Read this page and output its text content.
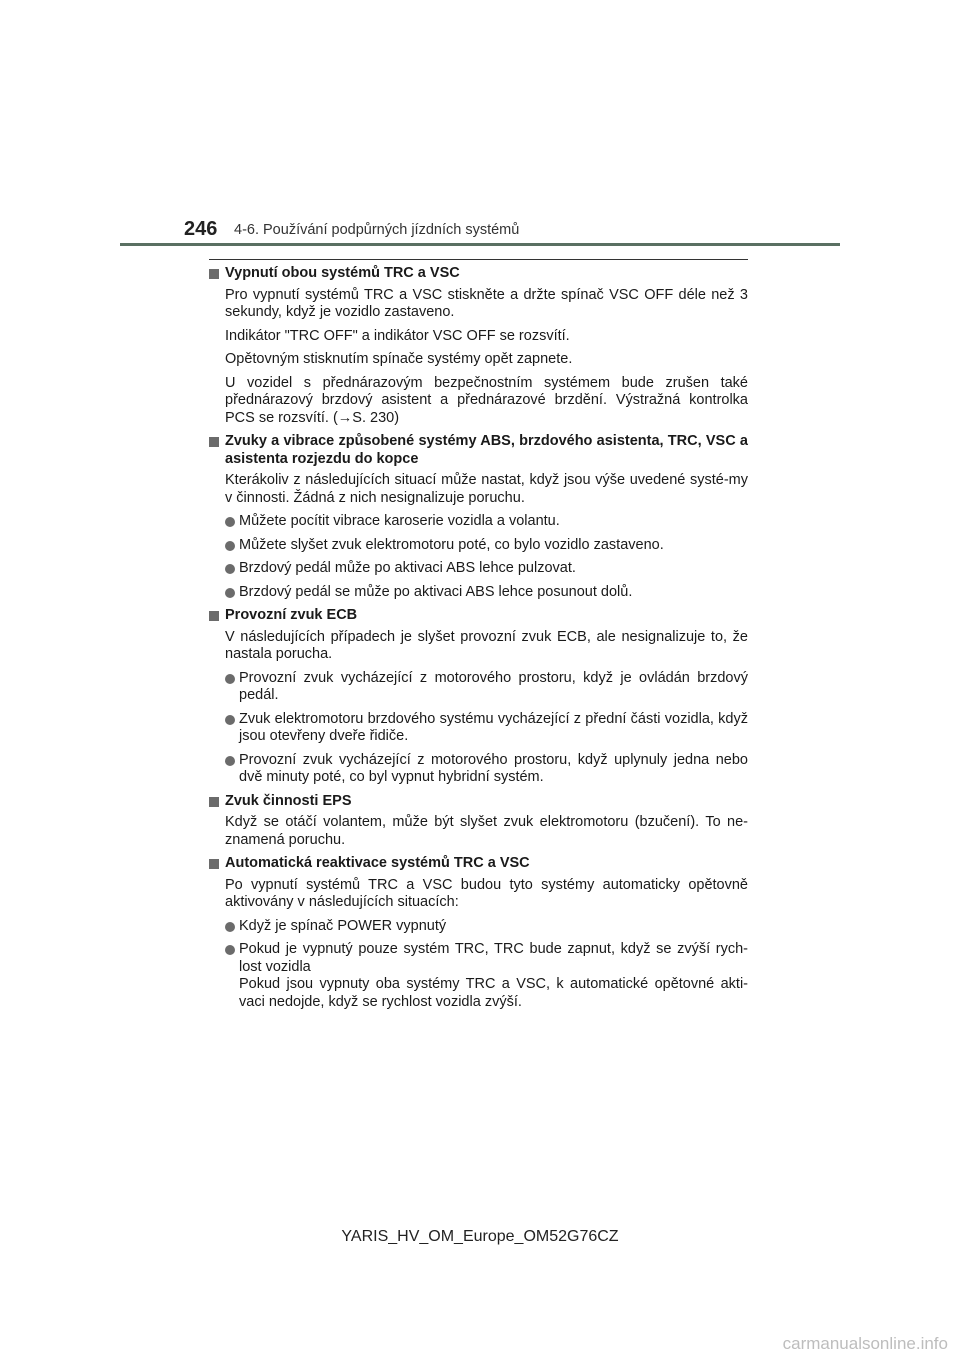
246 4-6. Používání podpůrných jízdních systémů
Vypnutí obou systémů TRC a VSC
Pro vypnutí systémů TRC a VSC stiskněte a držte spínač VSC OFF déle než 3 sekundy, když je vozidlo zastaveno.
Indikátor "TRC OFF" a indikátor VSC OFF se rozsvítí.
Opětovným stisknutím spínače systémy opět zapnete.
U vozidel s přednárazovým bezpečnostním systémem bude zrušen také přednárazový brzdový asistent a přednárazové brzdění. Výstražná kontrolka PCS se rozsvítí. (→S. 230)
Zvuky a vibrace způsobené systémy ABS, brzdového asistenta, TRC, VSC a asistenta rozjezdu do kopce
Kterákoliv z následujících situací může nastat, když jsou výše uvedené systé-my v činnosti. Žádná z nich nesignalizuje poruchu.
Můžete pocítit vibrace karoserie vozidla a volantu.
Můžete slyšet zvuk elektromotoru poté, co bylo vozidlo zastaveno.
Brzdový pedál může po aktivaci ABS lehce pulzovat.
Brzdový pedál se může po aktivaci ABS lehce posunout dolů.
Provozní zvuk ECB
V následujících případech je slyšet provozní zvuk ECB, ale nesignalizuje to, že nastala porucha.
Provozní zvuk vycházející z motorového prostoru, když je ovládán brzdový pedál.
Zvuk elektromotoru brzdového systému vycházející z přední části vozidla, když jsou otevřeny dveře řidiče.
Provozní zvuk vycházející z motorového prostoru, když uplynuly jedna nebo dvě minuty poté, co byl vypnut hybridní systém.
Zvuk činnosti EPS
Když se otáčí volantem, může být slyšet zvuk elektromotoru (bzučení). To ne-znamená poruchu.
Automatická reaktivace systémů TRC a VSC
Po vypnutí systémů TRC a VSC budou tyto systémy automaticky opětovně aktivovány v následujících situacích:
Když je spínač POWER vypnutý
Pokud je vypnutý pouze systém TRC, TRC bude zapnut, když se zvýší rych-lost vozidla
Pokud jsou vypnuty oba systémy TRC a VSC, k automatické opětovné akti-vaci nedojde, když se rychlost vozidla zvýší.
YARIS_HV_OM_Europe_OM52G76CZ
carmanualsonline.info
